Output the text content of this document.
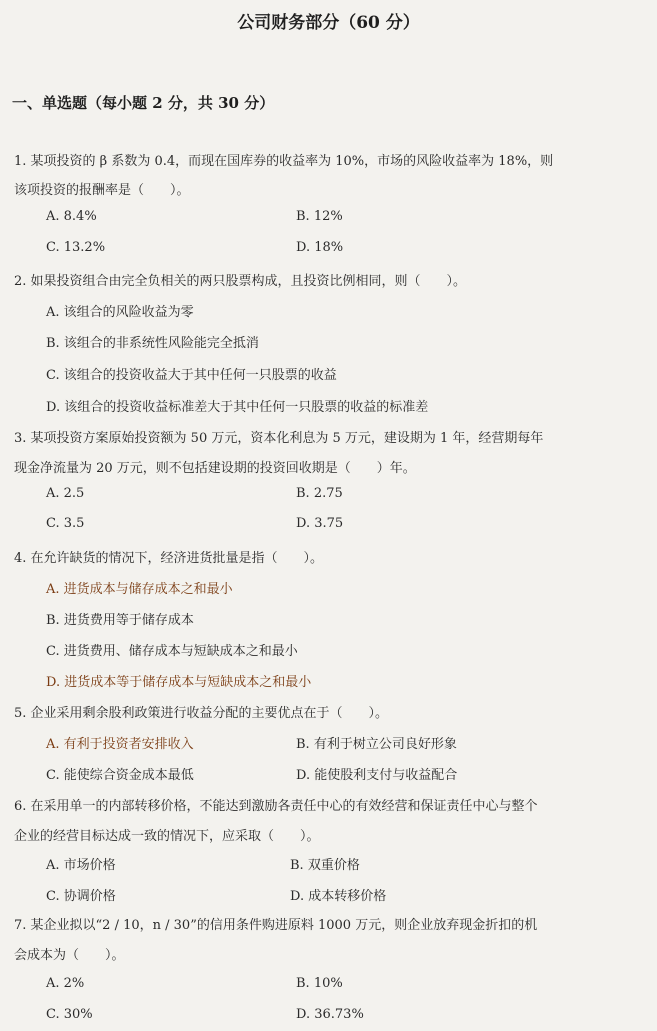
公司财务部分（60 分）
一、单选题（每小题 2 分，共 30 分）
1. 某项投资的 β 系数为 0.4，而现在国库券的收益率为 10%，市场的风险收益率为 18%，则
该项投资的报酬率是（　　）。
A. 8.4%	B. 12%
C. 13.2%	D. 18%
2. 如果投资组合由完全负相关的两只股票构成，且投资比例相同，则（　　）。
A. 该组合的风险收益为零
B. 该组合的非系统性风险能完全抵消
C. 该组合的投资收益大于其中任何一只股票的收益
D. 该组合的投资收益标准差大于其中任何一只股票的收益的标准差
3. 某项投资方案原始投资额为 50 万元，资本化利息为 5 万元，建设期为 1 年，经营期每年
现金净流量为 20 万元，则不包括建设期的投资回收期是（　　）年。
A. 2.5	B. 2.75
C. 3.5	D. 3.75
4. 在允许缺货的情况下，经济进货批量是指（　　）。
A. 进货成本与储存成本之和最小
B. 进货费用等于储存成本
C. 进货费用、储存成本与短缺成本之和最小
D. 进货成本等于储存成本与短缺成本之和最小
5. 企业采用剩余股利政策进行收益分配的主要优点在于（　　）。
A. 有利于投资者安排收入	B. 有利于树立公司良好形象
C. 能使综合资金成本最低	D. 能使股利支付与收益配合
6. 在采用单一的内部转移价格，不能达到激励各责任中心的有效经营和保证责任中心与整个
企业的经营目标达成一致的情况下，应采取（　　）。
A. 市场价格	B. 双重价格
C. 协调价格	D. 成本转移价格
7. 某企业拟以“2 / 10，n / 30”的信用条件购进原料 1000 万元，则企业放弃现金折扣的机
会成本为（　　）。
A. 2%	B. 10%
C. 30%	D. 36.73%
